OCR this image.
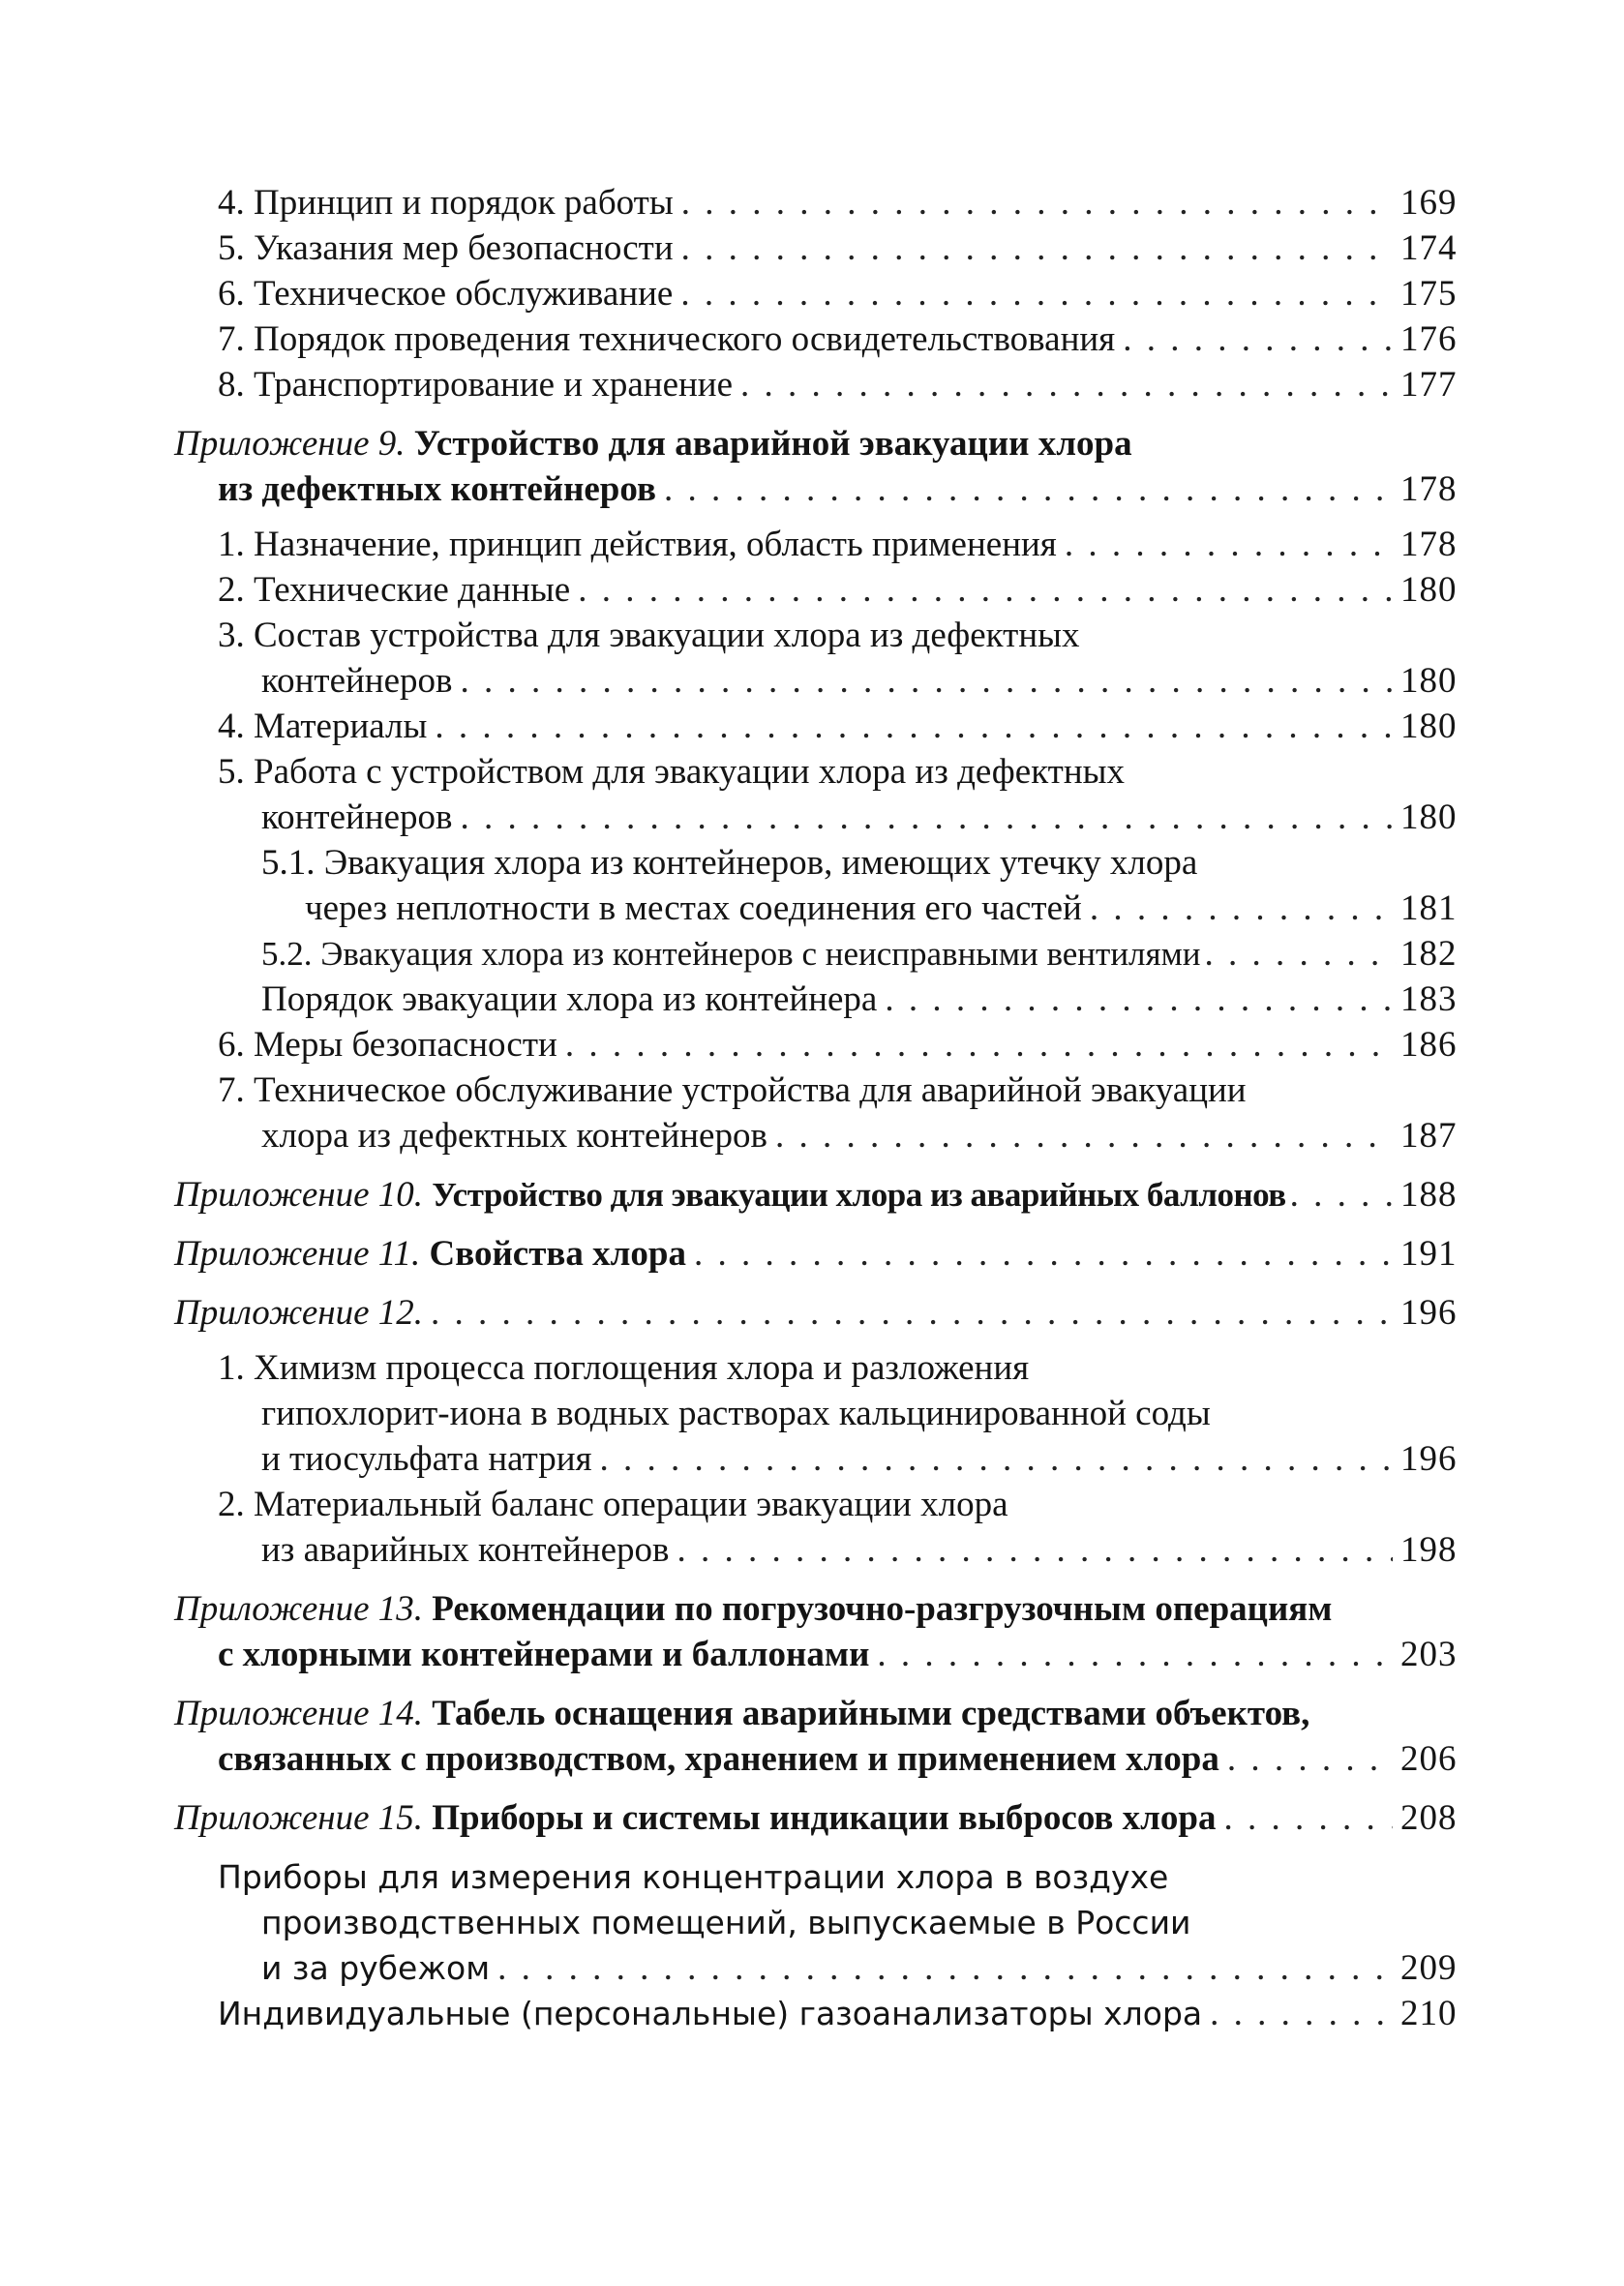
4. Принцип и порядок работы . . .	169
5. Указания мер безопасности . . .	174
6. Техническое обслуживание . . .	175
7. Порядок проведения технического освидетельствования . . .	176
8. Транспортирование и хранение . . .	177
Приложение 9. Устройство для аварийной эвакуации хлора
из дефектных контейнеров . . .	178
1. Назначение, принцип действия, область применения . . .	178
2. Технические данные . . .	180
3. Состав устройства для эвакуации хлора из дефектных
контейнеров . . .	180
4. Материалы . . .	180
5. Работа с устройством для эвакуации хлора из дефектных
контейнеров . . .	180
5.1. Эвакуация хлора из контейнеров, имеющих утечку хлора
через неплотности в местах соединения его частей . . .	181
5.2. Эвакуация хлора из контейнеров с неисправными вентилями . . .	182
Порядок эвакуации хлора из контейнера . . .	183
6. Меры безопасности . . .	186
7. Техническое обслуживание устройства для аварийной эвакуации
хлора из дефектных контейнеров . . .	187
Приложение 10. Устройство для эвакуации хлора из аварийных баллонов . . .	188
Приложение 11. Свойства хлора . . .	191
Приложение 12. . . .	196
1. Химизм процесса поглощения хлора и разложения
гипохлорит-иона в водных растворах кальцинированной соды
и тиосульфата натрия . . .	196
2. Материальный баланс операции эвакуации хлора
из аварийных контейнеров . . .	198
Приложение 13. Рекомендации по погрузочно-разгрузочным операциям
с хлорными контейнерами и баллонами . . .	203
Приложение 14. Табель оснащения аварийными средствами объектов,
связанных с производством, хранением и применением хлора . . .	206
Приложение 15. Приборы и системы индикации выбросов хлора . . .	208
Приборы для измерения концентрации хлора в воздухе
производственных помещений, выпускаемые в России
и за рубежом . . .	209
Индивидуальные (персональные) газоанализаторы хлора . . .	210
